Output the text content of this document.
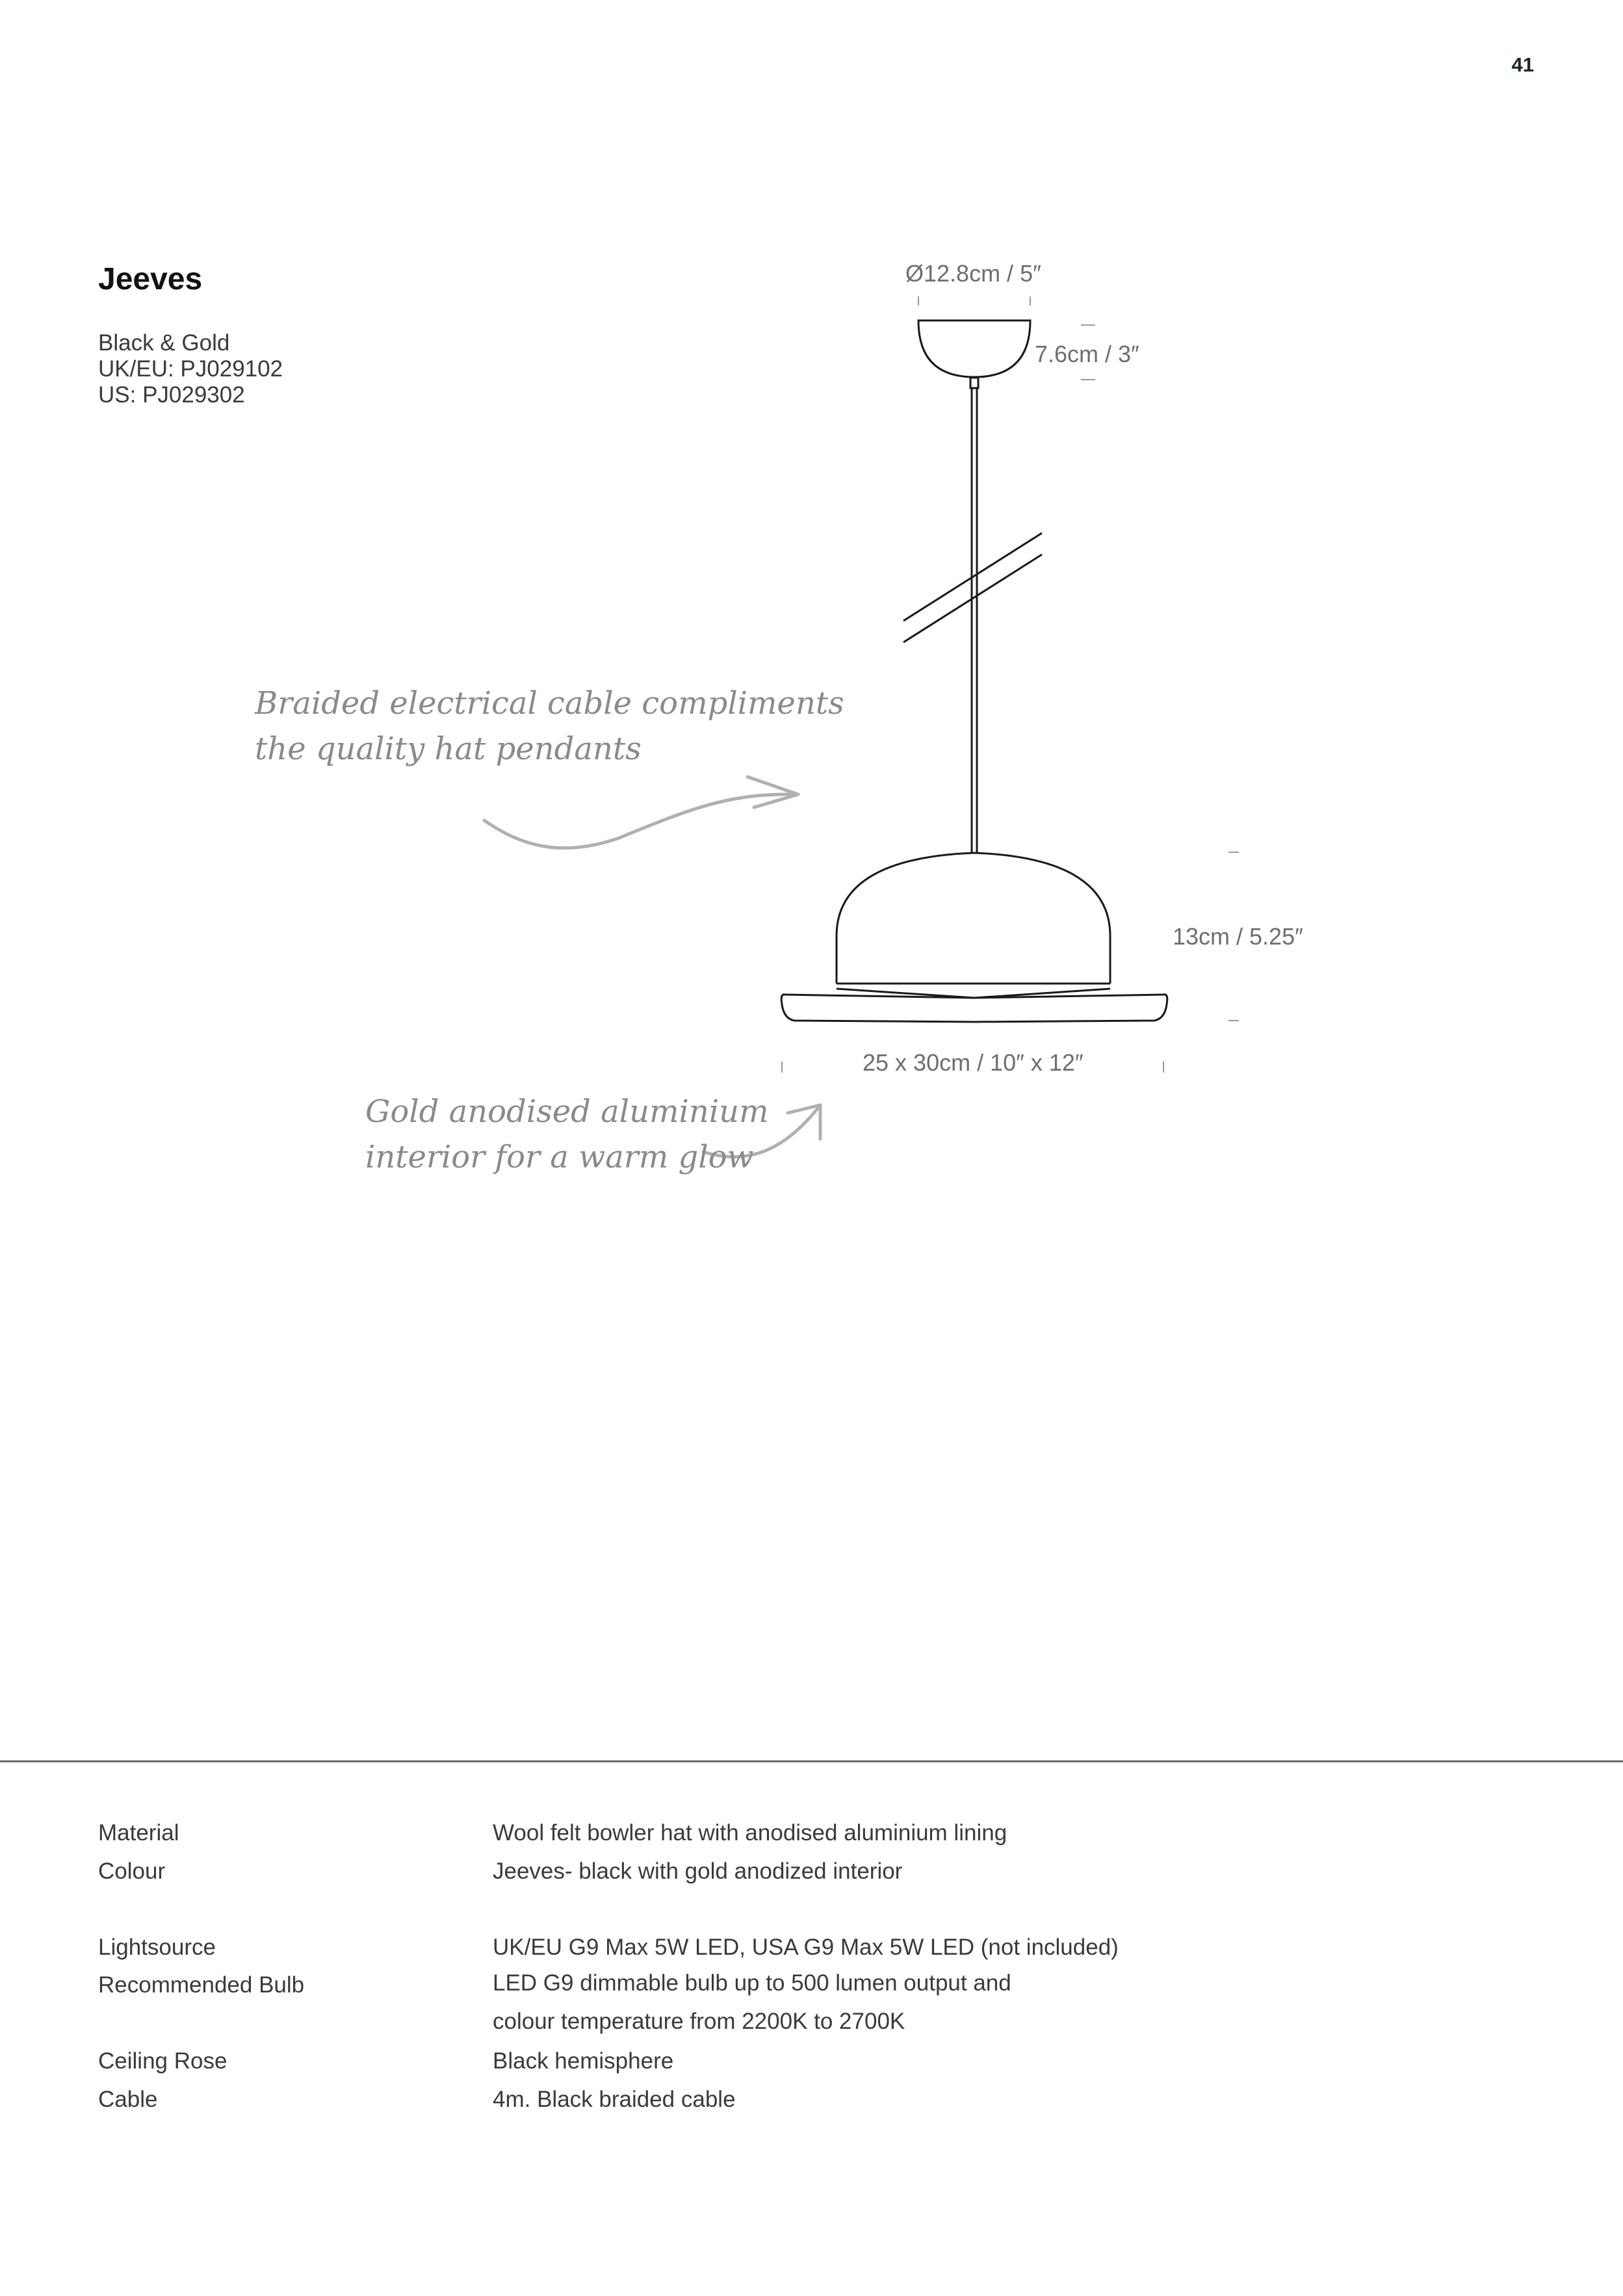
41
Jeeves
Black & Gold
UK/EU: PJ029102
US: PJ029302
Ø12.8cm / 5″
7.6cm / 3″
13cm / 5.25″
25 x 30cm / 10″ x 12″
Braided electrical cable compliments
the quality hat pendants
Gold anodised aluminium
interior for a warm glow
Material	Wool felt bowler hat with anodised aluminium lining
Colour	Jeeves- black with gold anodized interior
Lightsource	UK/EU G9 Max 5W LED, USA G9 Max 5W LED (not included)
Recommended Bulb	LED G9 dimmable bulb up to 500 lumen output and
colour temperature from 2200K to 2700K
Ceiling Rose	Black hemisphere
Cable	4m. Black braided cable
